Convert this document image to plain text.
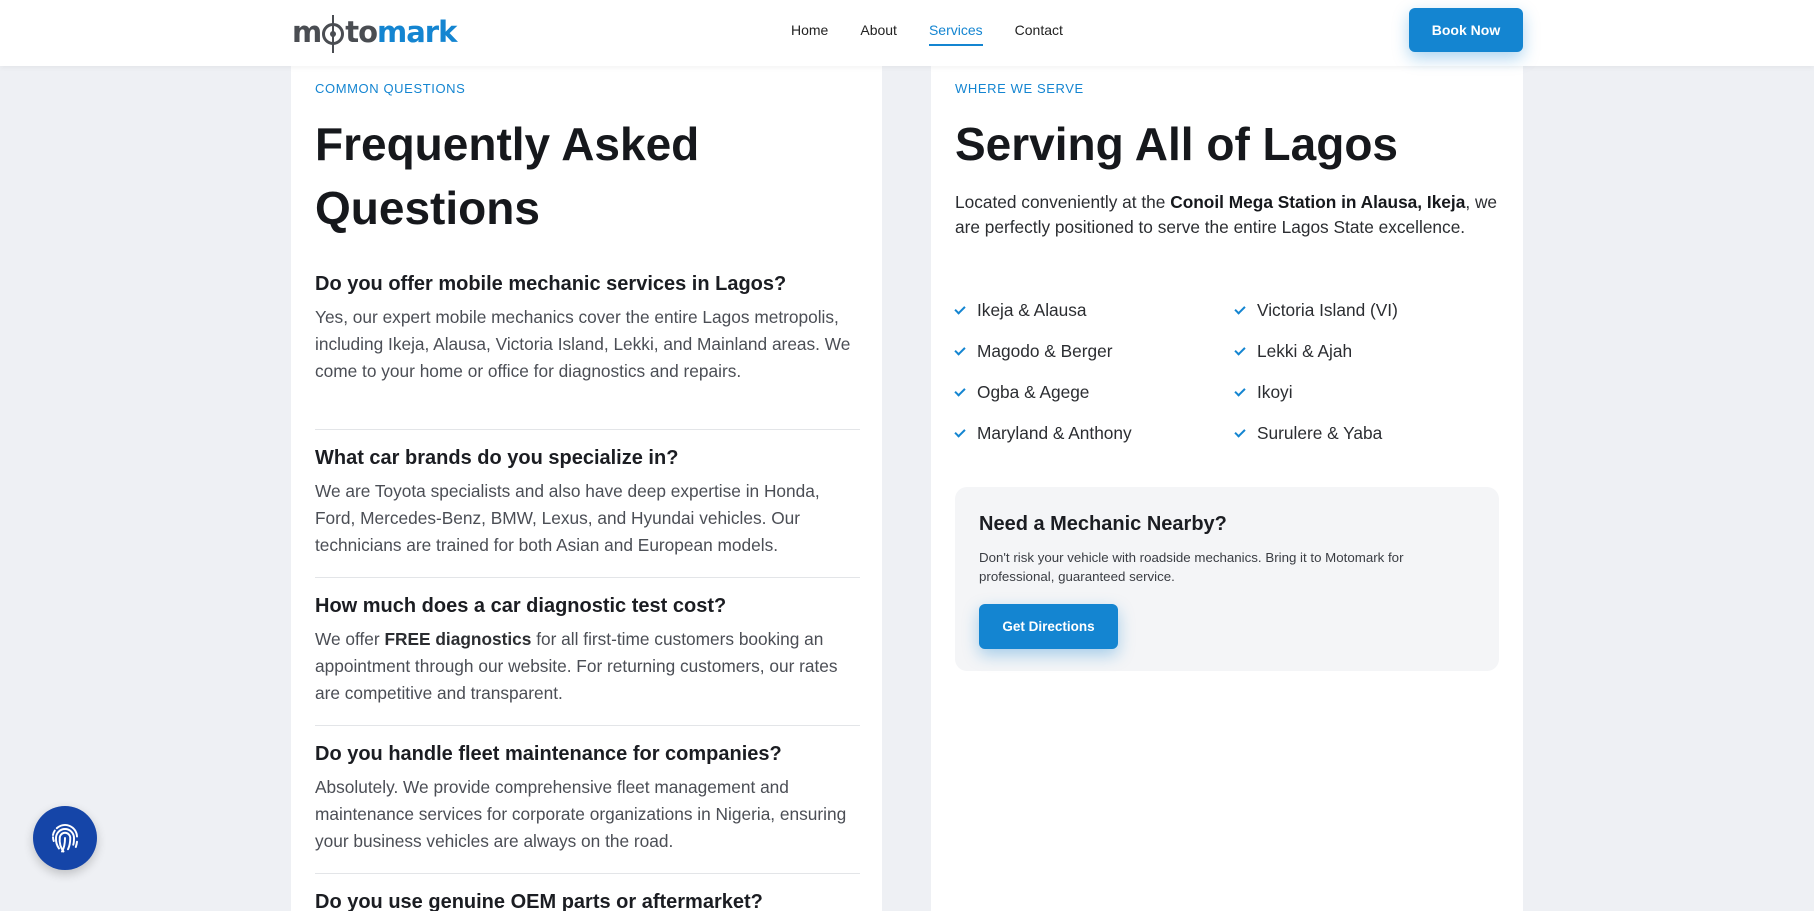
m to mark	Home About Services Contact	Book Now
COMMON QUESTIONS
Frequently Asked
Questions
Do you offer mobile mechanic services in Lagos?

Yes, our expert mobile mechanics cover the entire Lagos metropolis, including Ikeja, Alausa, Victoria Island, Lekki, and Mainland areas. We come to your home or office for diagnostics and repairs.

What car brands do you specialize in?

We are Toyota specialists and also have deep expertise in Honda, Ford, Mercedes-Benz, BMW, Lexus, and Hyundai vehicles. Our technicians are trained for both Asian and European models.

How much does a car diagnostic test cost?

We offer FREE diagnostics for all first-time customers booking an appointment through our website. For returning customers, our rates are competitive and transparent.

Do you handle fleet maintenance for companies?

Absolutely. We provide comprehensive fleet management and maintenance services for corporate organizations in Nigeria, ensuring your business vehicles are always on the road.

Do you use genuine OEM parts or aftermarket?
WHERE WE SERVE
Serving All of Lagos

Located conveniently at the Conoil Mega Station in Alausa, Ikeja, we are perfectly positioned to serve the entire Lagos State excellence.

Ikeja & Alausa
Magodo & Berger
Ogba & Agege
Maryland & Anthony
Victoria Island (VI)
Lekki & Ajah
Ikoyi
Surulere & Yaba
Need a Mechanic Nearby?

Don't risk your vehicle with roadside mechanics. Bring it to Motomark for professional, guaranteed service.

Get Directions
